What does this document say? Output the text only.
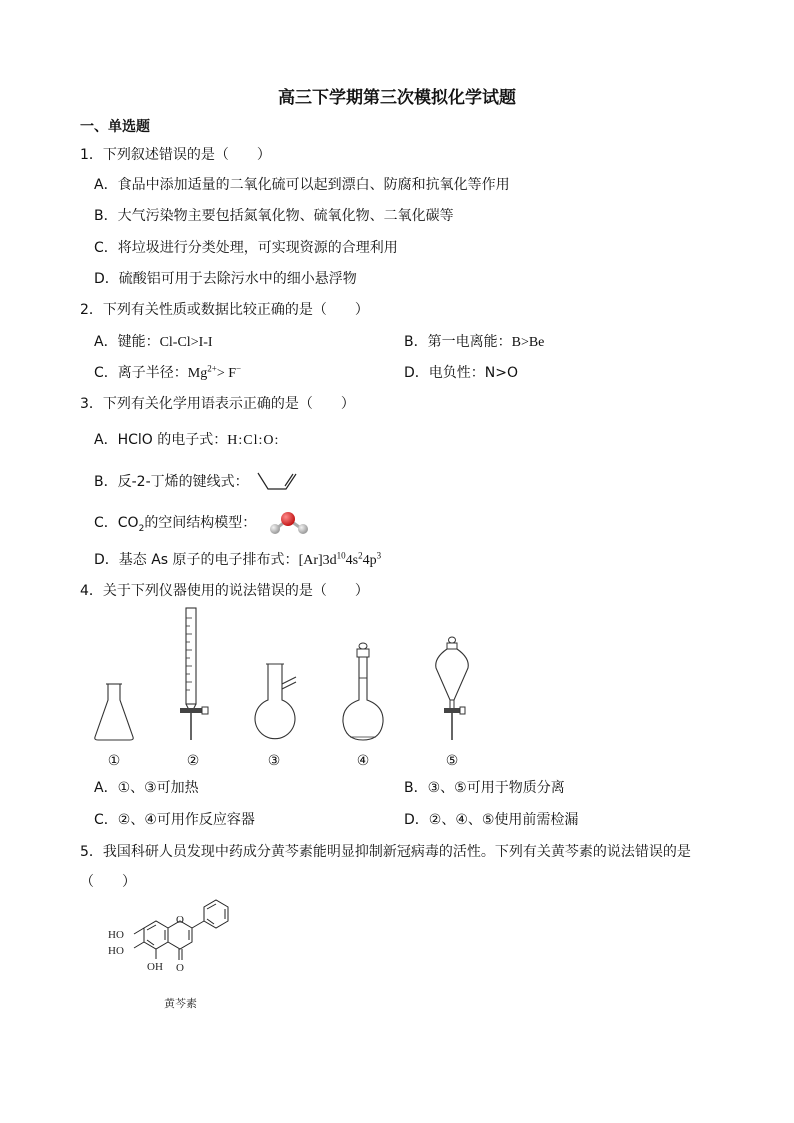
高三下学期第三次模拟化学试题
一、单选题
1．下列叙述错误的是（　　）
A．食品中添加适量的二氧化硫可以起到漂白、防腐和抗氧化等作用
B．大气污染物主要包括氮氧化物、硫氧化物、二氧化碳等
C．将垃圾进行分类处理，可实现资源的合理利用
D．硫酸铝可用于去除污水中的细小悬浮物
2．下列有关性质或数据比较正确的是（　　）
A．键能：Cl-Cl>I-I	B．第一电离能：B>Be
C．离子半径：$Mg^{2+}> F^-$	D．电负性：N>O
3．下列有关化学用语表示正确的是（　　）
A．HClO 的电子式：H:Cl:O:
B．反-2-丁烯的键线式：
C．$CO_2$的空间结构模型：
D．基态 As 原子的电子排布式：$[Ar]3d^{10}4s^24p^3$
4．关于下列仪器使用的说法错误的是（　　）
①	②	③	④	⑤
A．①、③可加热	B．③、⑤可用于物质分离
C．②、④可用作反应容器	D．②、④、⑤使用前需检漏
5．我国科研人员发现中药成分黄芩素能明显抑制新冠病毒的活性。下列有关黄芩素的说法错误的是
（　　）
HO
HO
OH
O
O
黄芩素
